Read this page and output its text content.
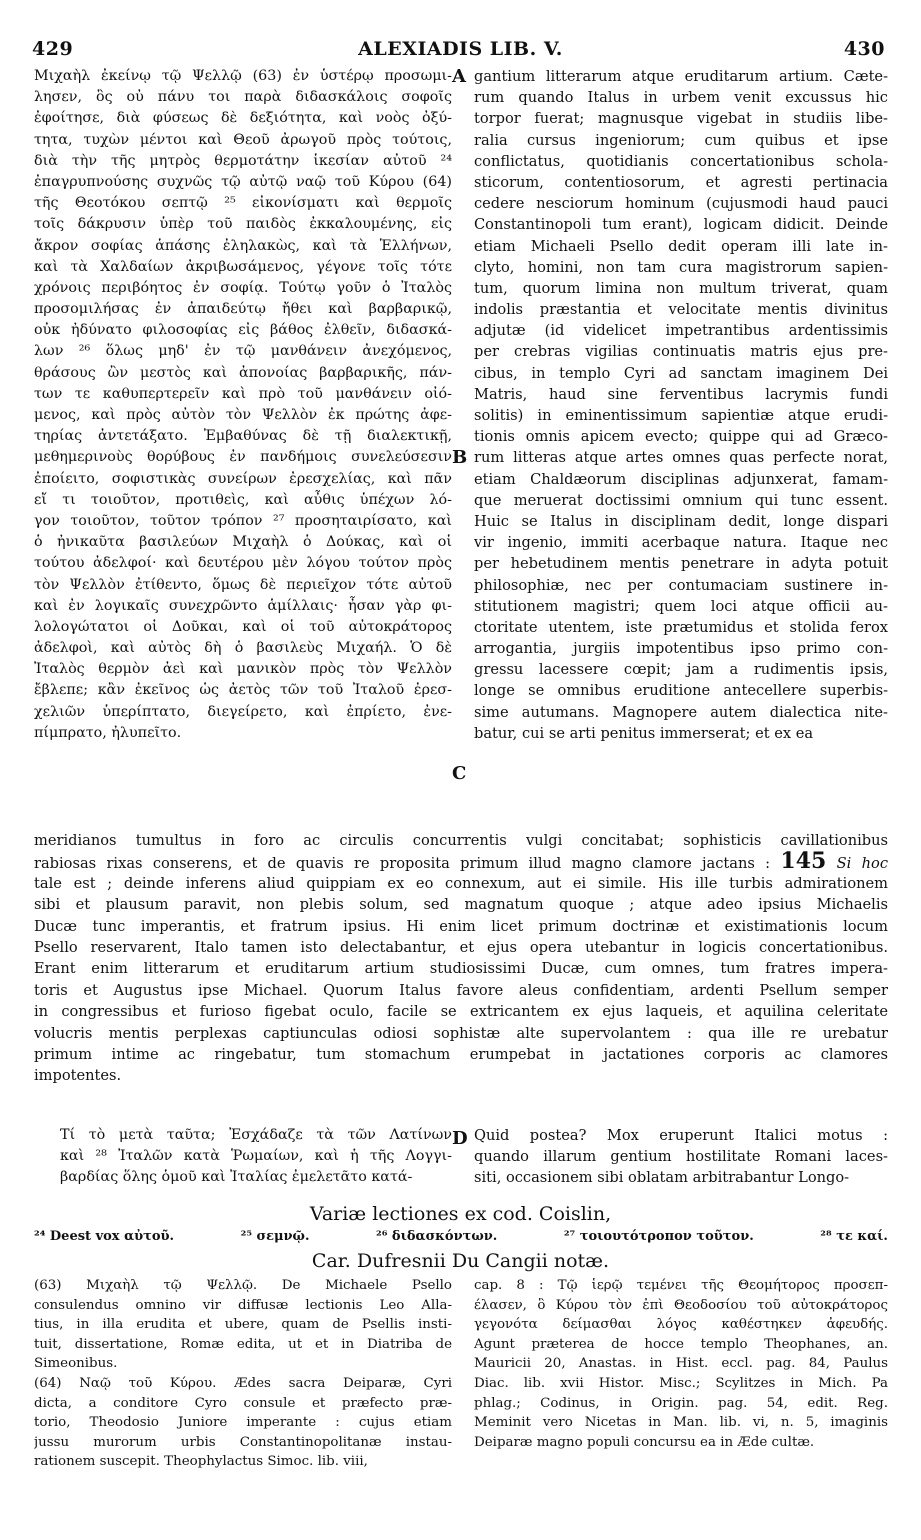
429	ALEXIADIS LIB. V.	430
A
B
C
D
Μιχαὴλ ἐκείνῳ τῷ Ψελλῷ (63) ἐν ὑστέρῳ προσωμι-
λησεν, ὃς οὐ πάνυ τοι παρὰ διδασκάλοις σοφοῖς
ἐφοίτησε, διὰ φύσεως δὲ δεξιότητα, καὶ νοὸς ὀξύ-
τητα, τυχὼν μέντοι καὶ Θεοῦ ἀρωγοῦ πρὸς τούτοις,
διὰ τὴν τῆς μητρὸς θερμοτάτην ἱκεσίαν αὐτοῦ ²⁴
ἐπαγρυπνούσης συχνῶς τῷ αὐτῷ ναῷ τοῦ Κύρου (64)
τῆς Θεοτόκου σεπτῷ ²⁵ εἰκονίσματι καὶ θερμοῖς
τοῖς δάκρυσιν ὑπὲρ τοῦ παιδὸς ἐκκαλουμένης, εἰς
ἄκρον σοφίας ἁπάσης ἐληλακὼς, καὶ τὰ Ἑλλήνων,
καὶ τὰ Χαλδαίων ἀκριβωσάμενος, γέγονε τοῖς τότε
χρόνοις περιβόητος ἐν σοφίᾳ. Τούτῳ γοῦν ὁ Ἰταλὸς
προσομιλήσας ἐν ἀπαιδεύτῳ ἤθει καὶ βαρβαρικῷ,
οὐκ ἠδύνατο φιλοσοφίας εἰς βάθος ἐλθεῖν, διδασκά-
λων ²⁶ ὅλως μηδ' ἐν τῷ μανθάνειν ἀνεχόμενος,
θράσους ὢν μεστὸς καὶ ἀπονοίας βαρβαρικῆς, πάν-
των τε καθυπερτερεῖν καὶ πρὸ τοῦ μανθάνειν οἰό-
μενος, καὶ πρὸς αὐτὸν τὸν Ψελλὸν ἐκ πρώτης ἀφε-
τηρίας ἀντετάξατο. Ἐμβαθύνας δὲ τῇ διαλεκτικῇ,
μεθημερινοὺς θορύβους ἐν πανδήμοις συνελεύσεσιν
ἐποίειτο, σοφιστικὰς συνείρων ἐρεσχελίας, καὶ πᾶν
εἴ τι τοιοῦτον, προτιθεὶς, καὶ αὖθις ὑπέχων λό-
γον τοιοῦτον, τοῦτον τρόπον ²⁷ προσηταιρίσατο, καὶ
ὁ ἠνικαῦτα βασιλεύων Μιχαὴλ ὁ Δούκας, καὶ οἱ
τούτου ἀδελφοί· καὶ δευτέρου μὲν λόγου τούτον πρὸς
τὸν Ψελλὸν ἐτίθεντο, ὅμως δὲ περιεῖχον τότε αὐτοῦ
καὶ ἐν λογικαῖς συνεχρῶντο ἁμίλλαις· ἦσαν γὰρ φι-
λολογώτατοι οἱ Δοῦκαι, καὶ οἱ τοῦ αὐτοκράτορος
ἀδελφοὶ, καὶ αὐτὸς δὴ ὁ βασιλεὺς Μιχαήλ. Ὁ δὲ
Ἰταλὸς θερμὸν ἀεὶ καὶ μανικὸν πρὸς τὸν Ψελλὸν
ἔβλεπε; κἂν ἐκεῖνος ὡς ἀετὸς τῶν τοῦ Ἰταλοῦ ἐρεσ-
χελιῶν ὑπερίπτατο, διεγείρετο, καὶ ἐπρίετο, ἐνε-
πίμπρατο, ἠλυπεῖτο.
gantium litterarum atque eruditarum artium. Cæte-
rum quando Italus in urbem venit excussus hic
torpor fuerat; magnusque vigebat in studiis libe-
ralia cursus ingeniorum; cum quibus et ipse
conflictatus, quotidianis concertationibus schola-
sticorum, contentiosorum, et agresti pertinacia
cedere nesciorum hominum (cujusmodi haud pauci
Constantinopoli tum erant), logicam didicit. Deinde
etiam Michaeli Psello dedit operam illi late in-
clyto, homini, non tam cura magistrorum sapien-
tum, quorum limina non multum triverat, quam
indolis præstantia et velocitate mentis divinitus
adjutæ (id videlicet impetrantibus ardentissimis
per crebras vigilias continuatis matris ejus pre-
cibus, in templo Cyri ad sanctam imaginem Dei
Matris, haud sine ferventibus lacrymis fundi
solitis) in eminentissimum sapientiæ atque erudi-
tionis omnis apicem evecto; quippe qui ad Græco-
rum litteras atque artes omnes quas perfecte norat,
etiam Chaldæorum disciplinas adjunxerat, famam-
que meruerat doctissimi omnium qui tunc essent.
Huic se Italus in disciplinam dedit, longe dispari
vir ingenio, immiti acerbaque natura. Itaque nec
per hebetudinem mentis penetrare in adyta potuit
philosophiæ, nec per contumaciam sustinere in-
stitutionem magistri; quem loci atque officii au-
ctoritate utentem, iste prætumidus et stolida ferox
arrogantia, jurgiis impotentibus ipso primo con-
gressu lacessere cœpit; jam a rudimentis ipsis,
longe se omnibus eruditione antecellere superbis-
sime autumans. Magnopere autem dialectica nite-
batur, cui se arti penitus immerserat; et ex ea
meridianos tumultus in foro ac circulis concurrentis vulgi concitabat; sophisticis cavillationibus
rabiosas rixas conserens, et de quavis re proposita primum illud magno clamore jactans : 145 Si hoc
tale est ; deinde inferens aliud quippiam ex eo connexum, aut ei simile. His ille turbis admirationem
sibi et plausum paravit, non plebis solum, sed magnatum quoque ; atque adeo ipsius Michaelis
Ducæ tunc imperantis, et fratrum ipsius. Hi enim licet primum doctrinæ et existimationis locum
Psello reservarent, Italo tamen isto delectabantur, et ejus opera utebantur in logicis concertationibus.
Erant enim litterarum et eruditarum artium studiosissimi Ducæ, cum omnes, tum fratres impera-
toris et Augustus ipse Michael. Quorum Italus favore aleus confidentiam, ardenti Psellum semper
in congressibus et furioso figebat oculo, facile se extricantem ex ejus laqueis, et aquilina celeritate
volucris mentis perplexas captiunculas odiosi sophistæ alte supervolantem : qua ille re urebatur
primum intime ac ringebatur, tum stomachum erumpebat in jactationes corporis ac clamores
impotentes.
Τί τὸ μετὰ ταῦτα; Ἐσχάδαζε τὰ τῶν Λατίνων
καὶ ²⁸ Ἰταλῶν κατὰ Ῥωμαίων, καὶ ἡ τῆς Λογγι-
βαρδίας ὅλης ὁμοῦ καὶ Ἰταλίας ἐμελετᾶτο κατά-
Quid postea? Mox eruperunt Italici motus :
quando illarum gentium hostilitate Romani laces-
siti, occasionem sibi oblatam arbitrabantur Longo-
Variæ lectiones ex cod. Coislin,
²⁴ Deest vox αὐτοῦ.	²⁵ σεμνῷ.	²⁶ διδασκόντων.	²⁷ τοιουτότροπον τοῦτον.	²⁸ τε καί.
Car. Dufresnii Du Cangii notæ.
(63) Μιχαὴλ τῷ Ψελλῷ. De Michaele Psello
consulendus omnino vir diffusæ lectionis Leo Alla-
tius, in illa erudita et ubere, quam de Psellis insti-
tuit, dissertatione, Romæ edita, ut et in Diatriba de
Simeonibus.
(64) Ναῷ τοῦ Κύρου. Ædes sacra Deiparæ, Cyri
dicta, a conditore Cyro consule et præfecto præ-
torio, Theodosio Juniore imperante : cujus etiam
jussu murorum urbis Constantinopolitanæ instau-
rationem suscepit. Theophylactus Simoc. lib. viii,
cap. 8 : Τῷ ἱερῷ τεμένει τῆς Θεομήτορος προσεπ-
έλασεν, ὃ Κύρου τὸν ἐπὶ Θεοδοσίου τοῦ αὐτοκράτορος
γεγονότα δείμασθαι λόγος καθέστηκεν ἀφευδής.
Agunt præterea de hocce templo Theophanes, an.
Mauricii 20, Anastas. in Hist. eccl. pag. 84, Paulus
Diac. lib. xvii Histor. Misc.; Scylitzes in Mich. Pa
phlag.; Codinus, in Origin. pag. 54, edit. Reg.
Meminit vero Nicetas in Man. lib. vi, n. 5, imaginis
Deiparæ magno populi concursu ea in Æde cultæ.
